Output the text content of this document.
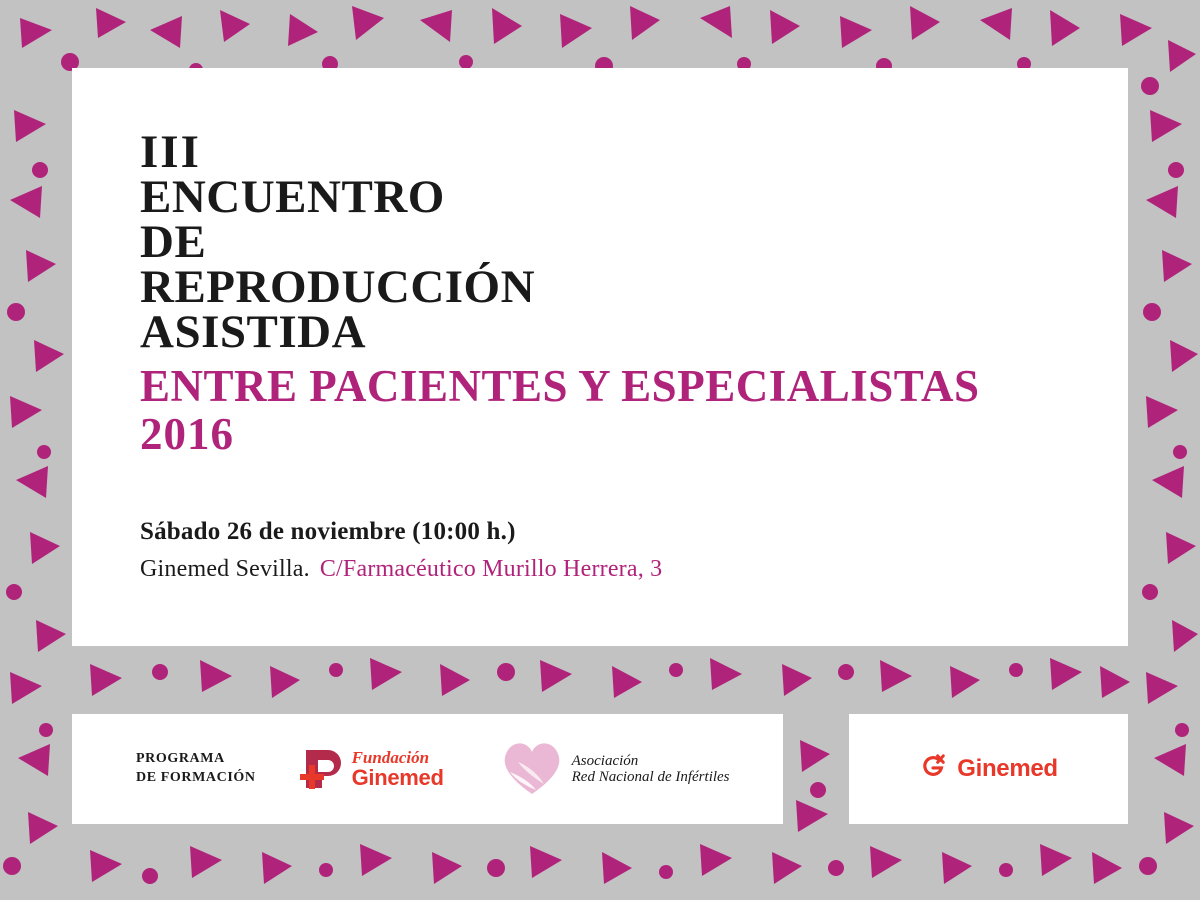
III

ENCUENTRO

DE

REPRODUCCIÓN

ASISTIDA

ENTRE PACIENTES Y ESPECIALISTAS

2016

Sábado 26 de noviembre (10:00 h.)

Ginemed Sevilla. C/Farmacéutico Murillo Herrera, 3

PROGRAMA
DE FORMACIÓN
Fundación
Ginemed
Asociación
Red Nacional de Infértiles	Ginemed
